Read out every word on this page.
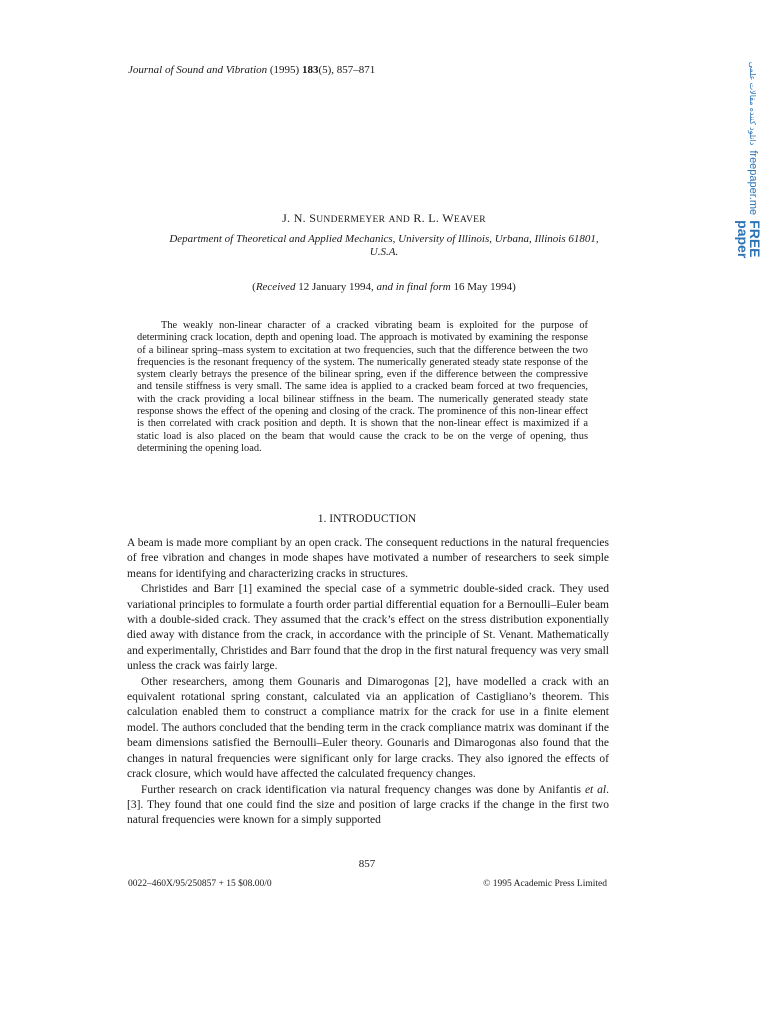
Journal of Sound and Vibration (1995) 183(5), 857–871	دانلود کننده مقالات علمی
freepaper.me
FREE
paper
J. N. SUNDERMEYER AND R. L. WEAVER
Department of Theoretical and Applied Mechanics, University of Illinois, Urbana, Illinois 61801, U.S.A.
(Received 12 January 1994, and in final form 16 May 1994)
The weakly non-linear character of a cracked vibrating beam is exploited for the purpose of determining crack location, depth and opening load. The approach is motivated by examining the response of a bilinear spring–mass system to excitation at two frequencies, such that the difference between the two frequencies is the resonant frequency of the system. The numerically generated steady state response of the system clearly betrays the presence of the bilinear spring, even if the difference between the compressive and tensile stiffness is very small. The same idea is applied to a cracked beam forced at two frequencies, with the crack providing a local bilinear stiffness in the beam. The numerically generated steady state response shows the effect of the opening and closing of the crack. The prominence of this non-linear effect is then correlated with crack position and depth. It is shown that the non-linear effect is maximized if a static load is also placed on the beam that would cause the crack to be on the verge of opening, thus determining the opening load.
1. INTRODUCTION

A beam is made more compliant by an open crack. The consequent reductions in the natural frequencies of free vibration and changes in mode shapes have motivated a number of researchers to seek simple means for identifying and characterizing cracks in structures.

Christides and Barr [1] examined the special case of a symmetric double-sided crack. They used variational principles to formulate a fourth order partial differential equation for a Bernoulli–Euler beam with a double-sided crack. They assumed that the crack’s effect on the stress distribution exponentially died away with distance from the crack, in accordance with the principle of St. Venant. Mathematically and experimentally, Christides and Barr found that the drop in the first natural frequency was very small unless the crack was fairly large.

Other researchers, among them Gounaris and Dimarogonas [2], have modelled a crack with an equivalent rotational spring constant, calculated via an application of Castigliano’s theorem. This calculation enabled them to construct a compliance matrix for the crack for use in a finite element model. The authors concluded that the bending term in the crack compliance matrix was dominant if the beam dimensions satisfied the Bernoulli–Euler theory. Gounaris and Dimarogonas also found that the changes in natural frequencies were significant only for large cracks. They also ignored the effects of crack closure, which would have affected the calculated frequency changes.

Further research on crack identification via natural frequency changes was done by Anifantis et al. [3]. They found that one could find the size and position of large cracks if the change in the first two natural frequencies were known for a simply supported

857
0022–460X/95/250857 + 15 $08.00/0	© 1995 Academic Press Limited
